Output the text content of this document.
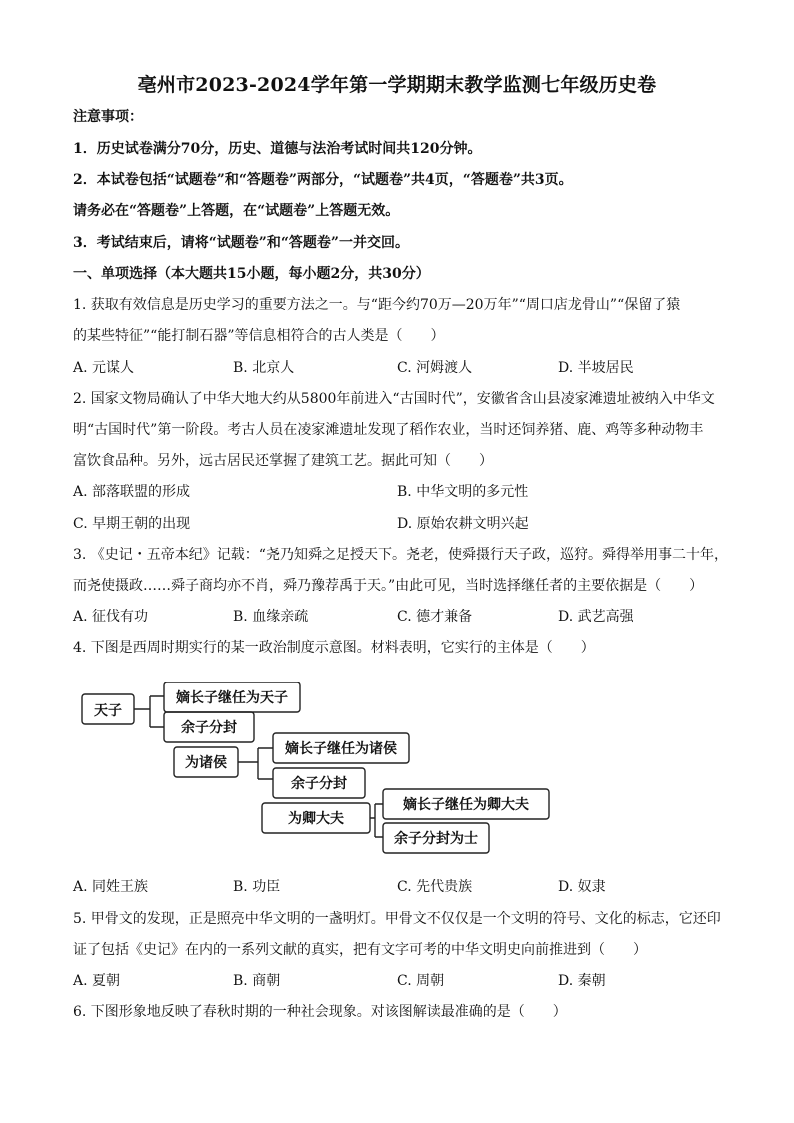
亳州市2023-2024学年第一学期期末教学监测七年级历史卷
注意事项：
1．历史试卷满分70分，历史、道德与法治考试时间共120分钟。
2．本试卷包括“试题卷”和“答题卷”两部分，“试题卷”共4页，“答题卷”共3页。
请务必在“答题卷”上答题，在“试题卷”上答题无效。
3．考试结束后，请将“试题卷”和“答题卷”一并交回。
一、单项选择（本大题共15小题，每小题2分，共30分）
1. 获取有效信息是历史学习的重要方法之一。与“距今约70万—20万年”“周口店龙骨山”“保留了猿
的某些特征”“能打制石器”等信息相符合的古人类是（　　）
A. 元谋人	B. 北京人	C. 河姆渡人	D. 半坡居民
2. 国家文物局确认了中华大地大约从5800年前进入“古国时代”，安徽省含山县凌家滩遗址被纳入中华文
明“古国时代”第一阶段。考古人员在凌家滩遗址发现了稻作农业，当时还饲养猪、鹿、鸡等多种动物丰
富饮食品种。另外，远古居民还掌握了建筑工艺。据此可知（　　）
A. 部落联盟的形成	B. 中华文明的多元性
C. 早期王朝的出现	D. 原始农耕文明兴起
3. 《史记・五帝本纪》记载：“尧乃知舜之足授天下。尧老，使舜摄行天子政，巡狩。舜得举用事二十年，
而尧使摄政……舜子商均亦不肖，舜乃豫荐禹于天。”由此可见，当时选择继任者的主要依据是（　　）
A. 征伐有功	B. 血缘亲疏	C. 德才兼备	D. 武艺高强
4. 下图是西周时期实行的某一政治制度示意图。材料表明，它实行的主体是（　　）
天子
嫡长子继任为天子
余子分封
为诸侯
嫡长子继任为诸侯
余子分封
为卿大夫
嫡长子继任为卿大夫
余子分封为士
A. 同姓王族	B. 功臣	C. 先代贵族	D. 奴隶
5. 甲骨文的发现，正是照亮中华文明的一盏明灯。甲骨文不仅仅是一个文明的符号、文化的标志，它还印
证了包括《史记》在内的一系列文献的真实，把有文字可考的中华文明史向前推进到（　　）
A. 夏朝	B. 商朝	C. 周朝	D. 秦朝
6. 下图形象地反映了春秋时期的一种社会现象。对该图解读最准确的是（　　）
